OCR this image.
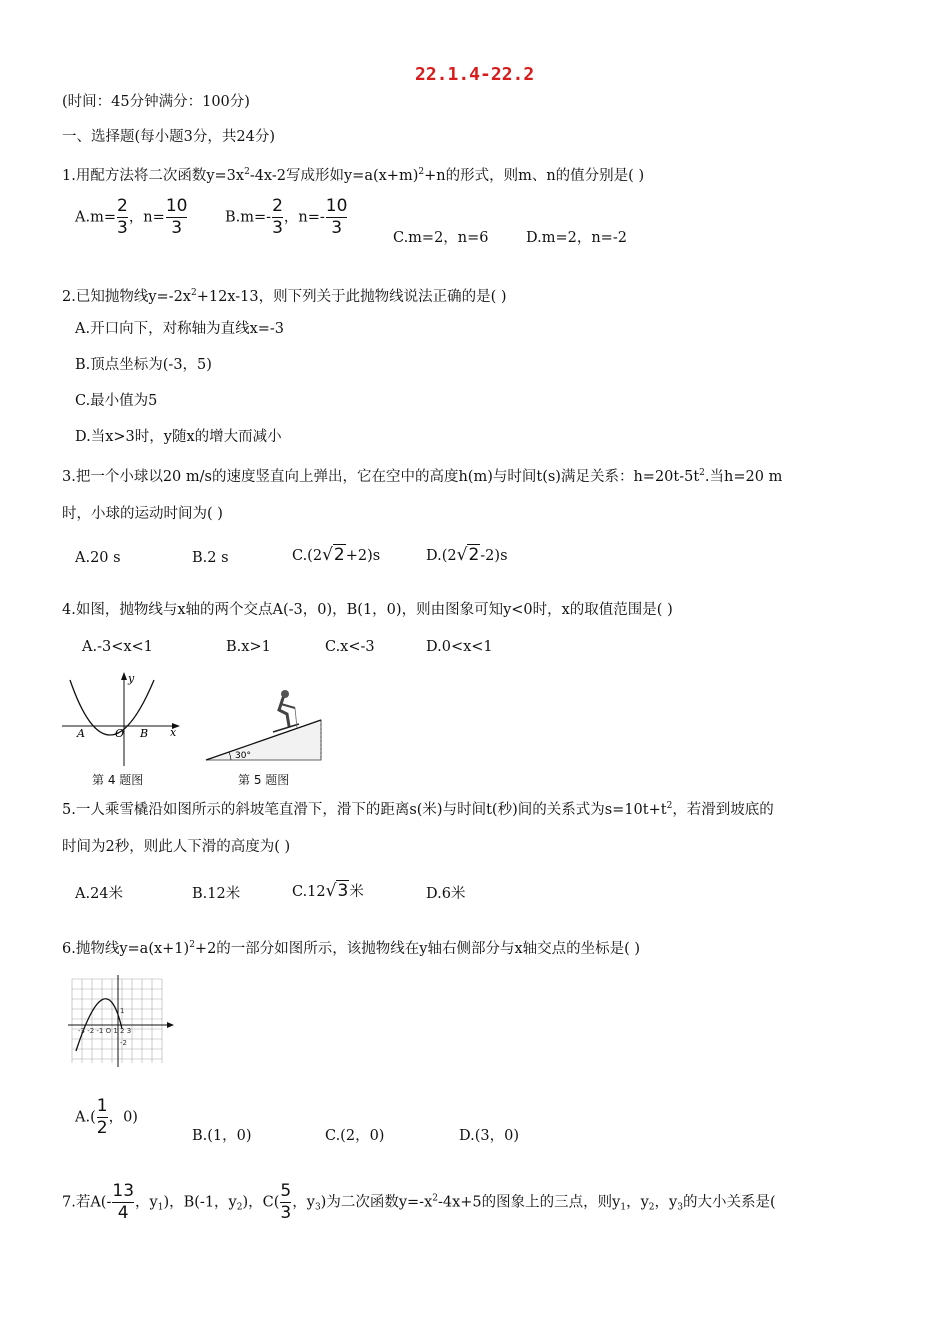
22.1.4-22.2
(时间：45分钟满分：100分)
一、选择题(每小题3分，共24分)
1.用配方法将二次函数$y=3x^2-4x-2$写成形如$y=a(x+m)^2+n$的形式，则m、n的值分别是( )
$A.m= \frac{2}{3}$ ，$n= \frac{10}{3}$	$B.m=- \frac{2}{3}$ ，$n=- \frac{10}{3}$	C.m=2，n=6	D.m=2，n=-2
2.已知抛物线$y=-2x^2+12x-13$，则下列关于此抛物线说法正确的是( )
A.开口向下，对称轴为直线x=-3
B.顶点坐标为(-3，5)
C.最小值为5
D.当x>3时，y随x的增大而减小
3.把一个小球以20 m/s的速度竖直向上弹出，它在空中的高度h(m)与时间t(s)满足关系：$h=20t-5t^2$.当h=20 m
时，小球的运动时间为( )
A.20 s	B.2 s	C.(2√2+2)s	D.(2√2-2)s
4.如图，抛物线与x轴的两个交点A(-3，0)，B(1，0)，则由图象可知y<0时，x的取值范围是( )
A.-3<x<1	B.x>1	C.x<-3	D.0<x<1
A	O B x
y
第 4 题图
30°
第 5 题图
5.一人乘雪橇沿如图所示的斜坡笔直滑下，滑下的距离s(米)与时间t(秒)间的关系式为$s=10t+t^2$，若滑到坡底的
时间为2秒，则此人下滑的高度为( )
A.24米	B.12米	C.12√3米	D.6米
6.抛物线$y=a(x+1)^2+2$的一部分如图所示，该抛物线在y轴右侧部分与x轴交点的坐标是( )
-3 -2 -1 O 1 2 3
1
-2
$A.( \frac{1}{2}$ ，0)
B.(1，0)	C.(2，0)	D.(3，0)
7.若$A(- \frac{13}{4}$ ，$y_1$)，B(-1，$y_2$)，$C( \frac{5}{3}$ ，$y_3$)为二次函数$y=-x^2-4x+5$的图象上的三点，则$y_1$，$y_2$，$y_3$的大小关系是(
